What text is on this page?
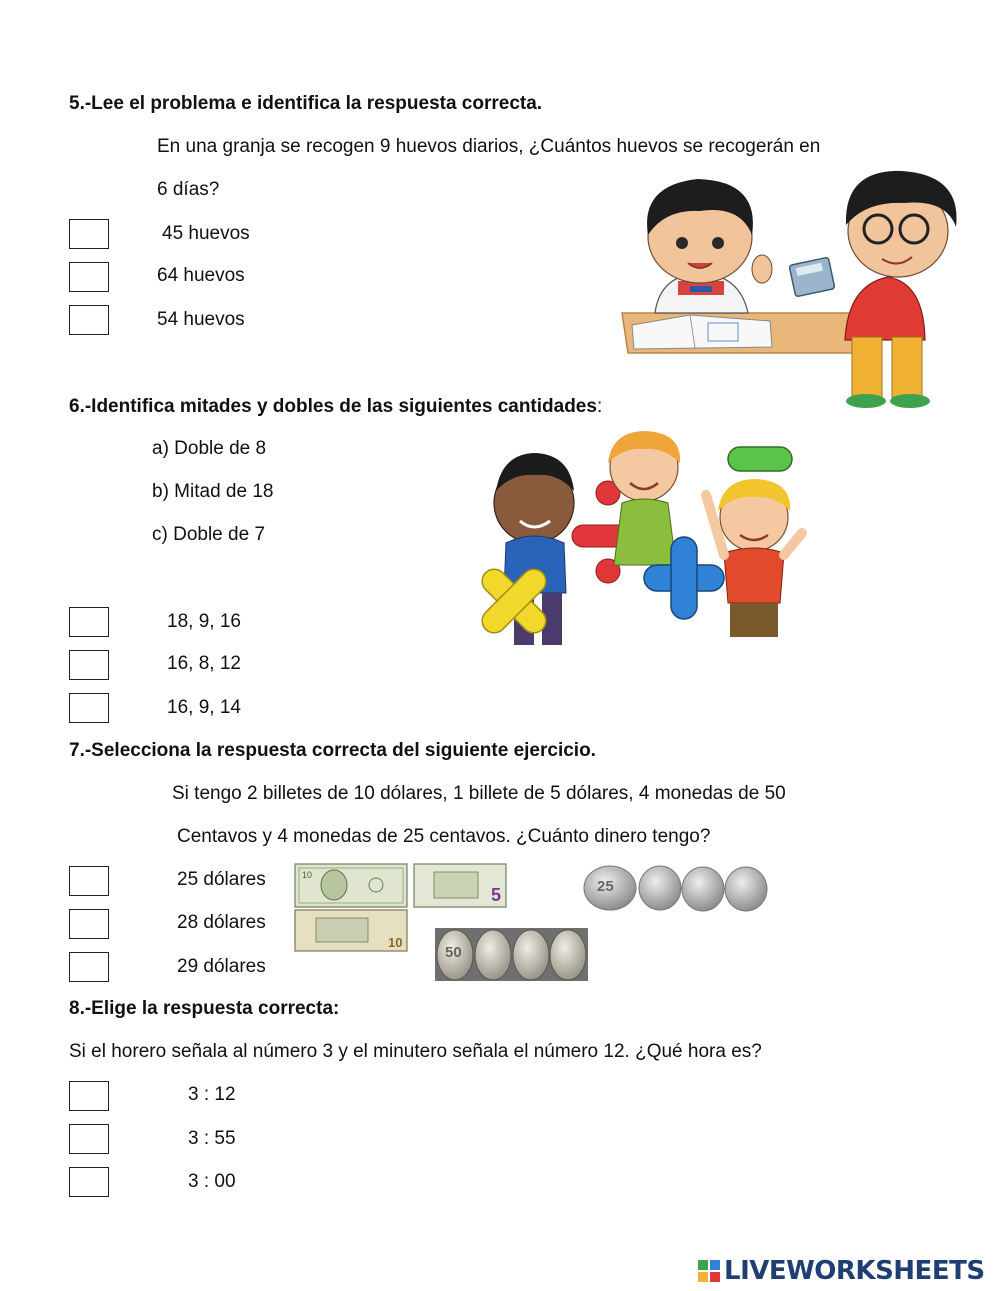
5.-Lee el problema e identifica la respuesta correcta.
En una granja se recogen 9 huevos diarios, ¿Cuántos huevos se recogerán en
6 días?
45 huevos
64 huevos
54 huevos
6.-Identifica mitades y dobles de las siguientes cantidades:
a) Doble de 8
b) Mitad de 18
c) Doble de 7
18, 9, 16
16, 8, 12
16, 9, 14
7.-Selecciona la respuesta correcta del siguiente ejercicio.
Si tengo 2 billetes de 10 dólares, 1 billete de 5 dólares, 4 monedas de 50
Centavos y 4 monedas de 25 centavos. ¿Cuánto dinero tengo?
25 dólares
28 dólares
29 dólares
10
5
10
25
50
8.-Elige la respuesta correcta:
Si el horero señala al número 3 y el minutero señala el número 12. ¿Qué hora es?
3 : 12
3 : 55
3 : 00
LIVEWORKSHEETS
